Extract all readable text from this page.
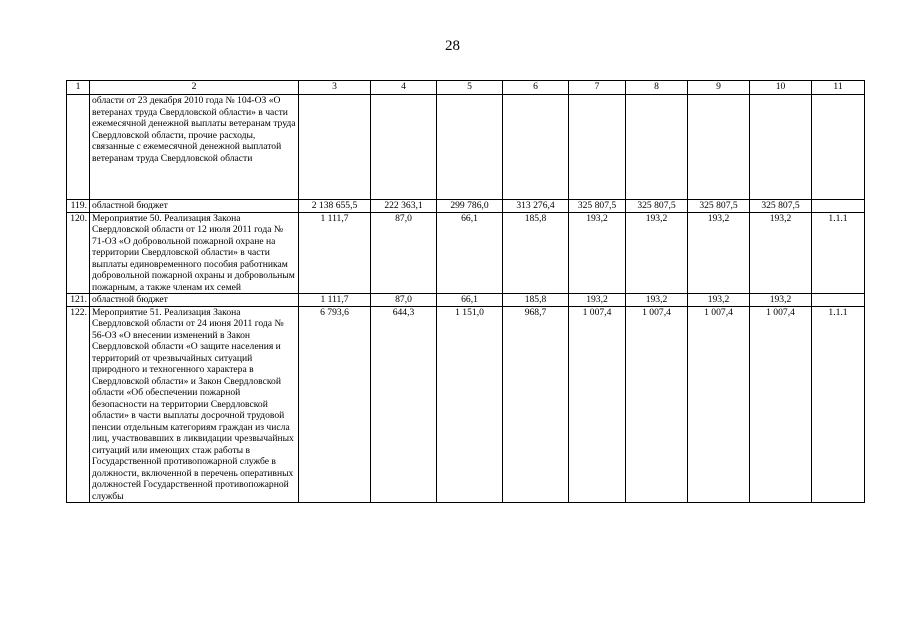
28
1	2	3	4	5	6	7	8	9	10	11
	области от 23 декабря 2010 года № 104-ОЗ «О ветеранах труда Свердловской области» в части ежемесячной денежной выплаты ветеранам труда Свердловской области, прочие расходы, связанные с ежемесячной денежной выплатой ветеранам труда Свердловской области									
119.	областной бюджет	2 138 655,5	222 363,1	299 786,0	313 276,4	325 807,5	325 807,5	325 807,5	325 807,5	
120.	Мероприятие 50. Реализация Закона Свердловской области от 12 июля 2011 года № 71-ОЗ «О добровольной пожарной охране на территории Свердловской области» в части выплаты единовременного пособия работникам добровольной пожарной охраны и добровольным пожарным, а также членам их семей	1 111,7	87,0	66,1	185,8	193,2	193,2	193,2	193,2	1.1.1
121.	областной бюджет	1 111,7	87,0	66,1	185,8	193,2	193,2	193,2	193,2	
122.	Мероприятие 51. Реализация Закона Свердловской области от 24 июня 2011 года № 56-ОЗ «О внесении изменений в Закон Свердловской области «О защите населения и территорий от чрезвычайных ситуаций природного и техногенного характера в Свердловской области» и Закон Свердловской области «Об обеспечении пожарной безопасности на территории Свердловской области» в части выплаты досрочной трудовой пенсии отдельным категориям граждан из числа лиц, участвовавших в ликвидации чрезвычайных ситуаций или имеющих стаж работы в Государственной противопожарной службе в должности, включенной в перечень оперативных должностей Государственной противопожарной службы	6 793,6	644,3	1 151,0	968,7	1 007,4	1 007,4	1 007,4	1 007,4	1.1.1
